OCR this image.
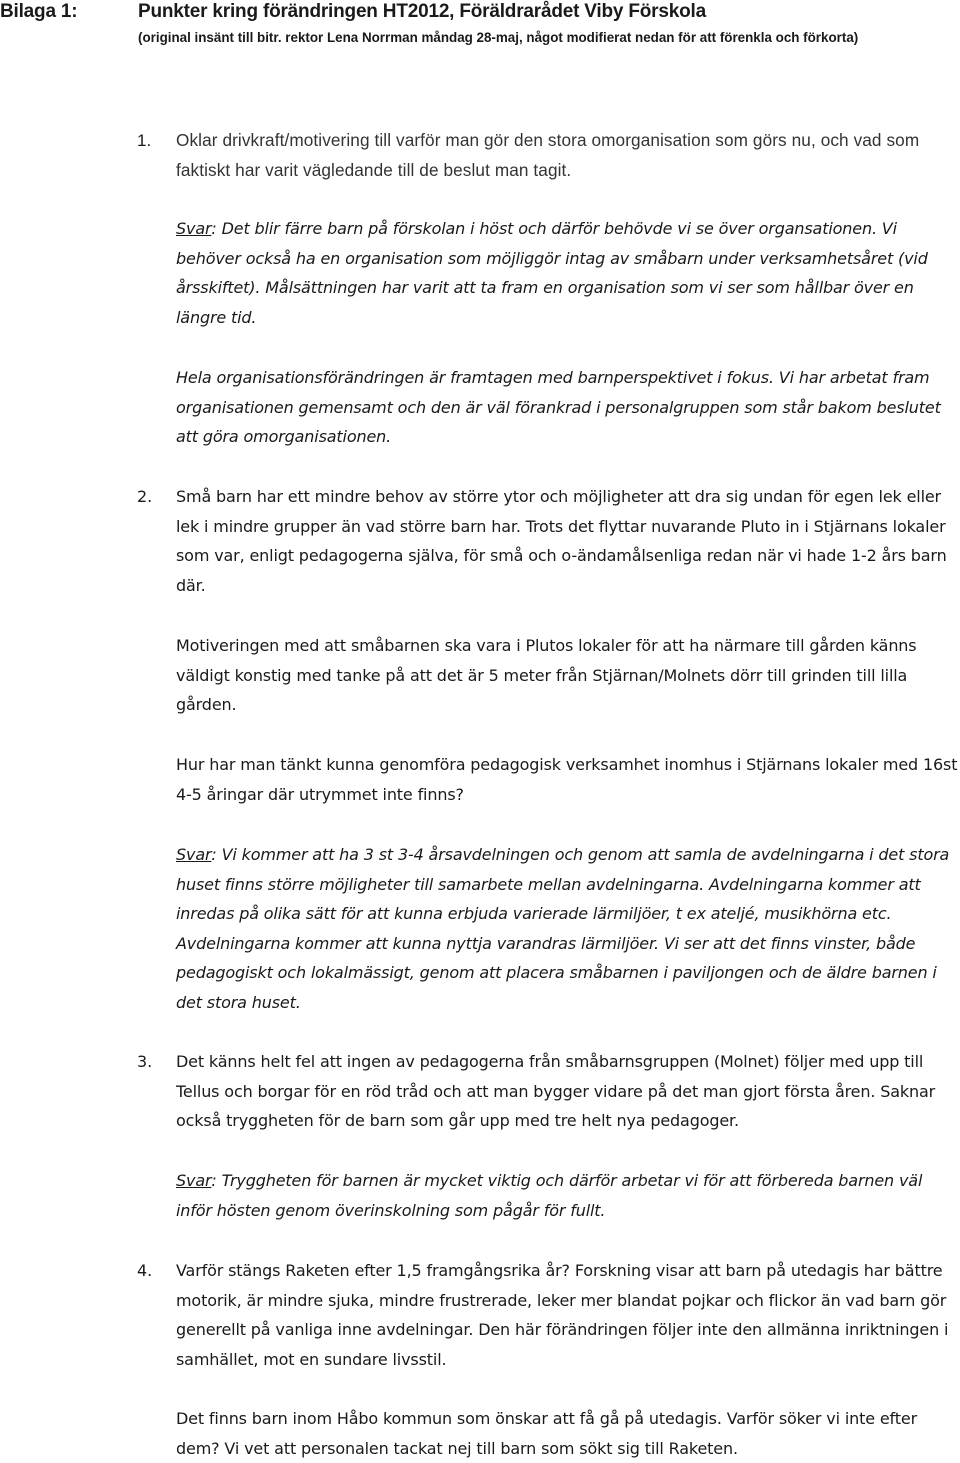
Bilaga 1:	Punkter kring förändringen HT2012, Föräldrarådet Viby Förskola
(original insänt till bitr. rektor Lena Norrman måndag 28-maj, något modifierat nedan för att förenkla och förkorta)
1. Oklar drivkraft/motivering till varför man gör den stora omorganisation som görs nu, och vad som faktiskt har varit vägledande till de beslut man tagit.
Svar: Det blir färre barn på förskolan i höst och därför behövde vi se över organsationen. Vi behöver också ha en organisation som möjliggör intag av småbarn under verksamhetsåret (vid årsskiftet). Målsättningen har varit att ta fram en organisation som vi ser som hållbar över en längre tid.
Hela organisationsförändringen är framtagen med barnperspektivet i fokus. Vi har arbetat fram organisationen gemensamt och den är väl förankrad i personalgruppen som står bakom beslutet att göra omorganisationen.
2. Små barn har ett mindre behov av större ytor och möjligheter att dra sig undan för egen lek eller lek i mindre grupper än vad större barn har. Trots det flyttar nuvarande Pluto in i Stjärnans lokaler som var, enligt pedagogerna själva, för små och o-ändamålsenliga redan när vi hade 1-2 års barn där.
Motiveringen med att småbarnen ska vara i Plutos lokaler för att ha närmare till gården känns väldigt konstig med tanke på att det är 5 meter från Stjärnan/Molnets dörr till grinden till lilla gården.
Hur har man tänkt kunna genomföra pedagogisk verksamhet inomhus i Stjärnans lokaler med 16st 4-5 åringar där utrymmet inte finns?
Svar: Vi kommer att ha 3 st 3-4 årsavdelningen och genom att samla de avdelningarna i det stora huset finns större möjligheter till samarbete mellan avdelningarna. Avdelningarna kommer att inredas på olika sätt för att kunna erbjuda varierade lärmiljöer, t ex ateljé, musikhörna etc. Avdelningarna kommer att kunna nyttja varandras lärmiljöer. Vi ser att det finns vinster, både pedagogiskt och lokalmässigt, genom att placera småbarnen i paviljongen och de äldre barnen i det stora huset.
3. Det känns helt fel att ingen av pedagogerna från småbarnsgruppen (Molnet) följer med upp till Tellus och borgar för en röd tråd och att man bygger vidare på det man gjort första åren. Saknar också tryggheten för de barn som går upp med tre helt nya pedagoger.
Svar: Tryggheten för barnen är mycket viktig och därför arbetar vi för att förbereda barnen väl inför hösten genom överinskolning som pågår för fullt.
4. Varför stängs Raketen efter 1,5 framgångsrika år? Forskning visar att barn på utedagis har bättre motorik, är mindre sjuka, mindre frustrerade, leker mer blandat pojkar och flickor än vad barn gör generellt på vanliga inne avdelningar. Den här förändringen följer inte den allmänna inriktningen i samhället, mot en sundare livsstil.
Det finns barn inom Håbo kommun som önskar att få gå på utedagis. Varför söker vi inte efter dem? Vi vet att personalen tackat nej till barn som sökt sig till Raketen.
